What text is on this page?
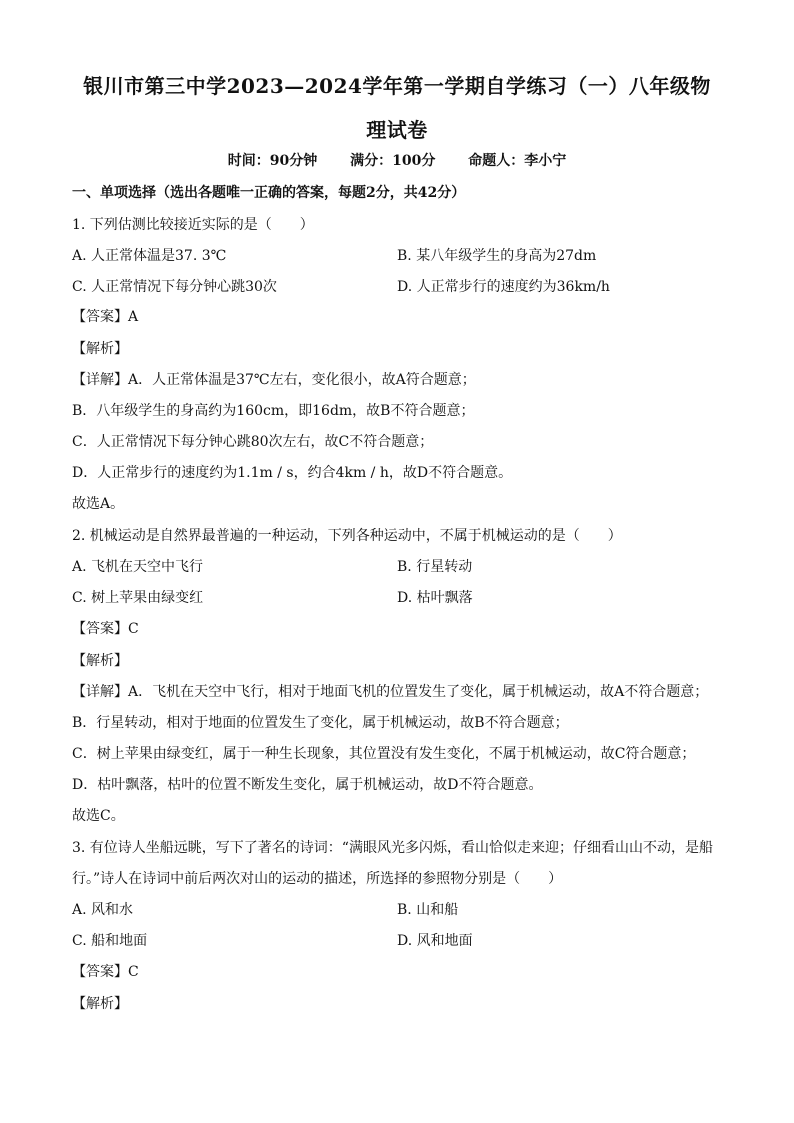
银川市第三中学2023—2024学年第一学期自学练习（一）八年级物
理试卷
时间：90分钟 满分：100分 命题人：李小宁
一、单项选择（选出各题唯一正确的答案，每题2分，共42分）
1. 下列估测比较接近实际的是（　　）
A. 人正常体温是37. 3℃	B. 某八年级学生的身高为27dm
C. 人正常情况下每分钟心跳30次	D. 人正常步行的速度约为36km/h
【答案】A
【解析】
【详解】A．人正常体温是37℃左右，变化很小，故A符合题意；
B．八年级学生的身高约为160cm，即16dm，故B不符合题意；
C．人正常情况下每分钟心跳80次左右，故C不符合题意；
D．人正常步行的速度约为1.1m / s，约合4km / h，故D不符合题意。
故选A。
2. 机械运动是自然界最普遍的一种运动，下列各种运动中，不属于机械运动的是（　　）
A. 飞机在天空中飞行	B. 行星转动
C. 树上苹果由绿变红	D. 枯叶飘落
【答案】C
【解析】
【详解】A．飞机在天空中飞行，相对于地面飞机的位置发生了变化，属于机械运动，故A不符合题意；
B．行星转动，相对于地面的位置发生了变化，属于机械运动，故B不符合题意；
C．树上苹果由绿变红，属于一种生长现象，其位置没有发生变化，不属于机械运动，故C符合题意；
D．枯叶飘落，枯叶的位置不断发生变化，属于机械运动，故D不符合题意。
故选C。
3. 有位诗人坐船远眺，写下了著名的诗词：“满眼风光多闪烁，看山恰似走来迎；仔细看山山不动，是船
行。”诗人在诗词中前后两次对山的运动的描述，所选择的参照物分别是（　　）
A. 风和水	B. 山和船
C. 船和地面	D. 风和地面
【答案】C
【解析】
